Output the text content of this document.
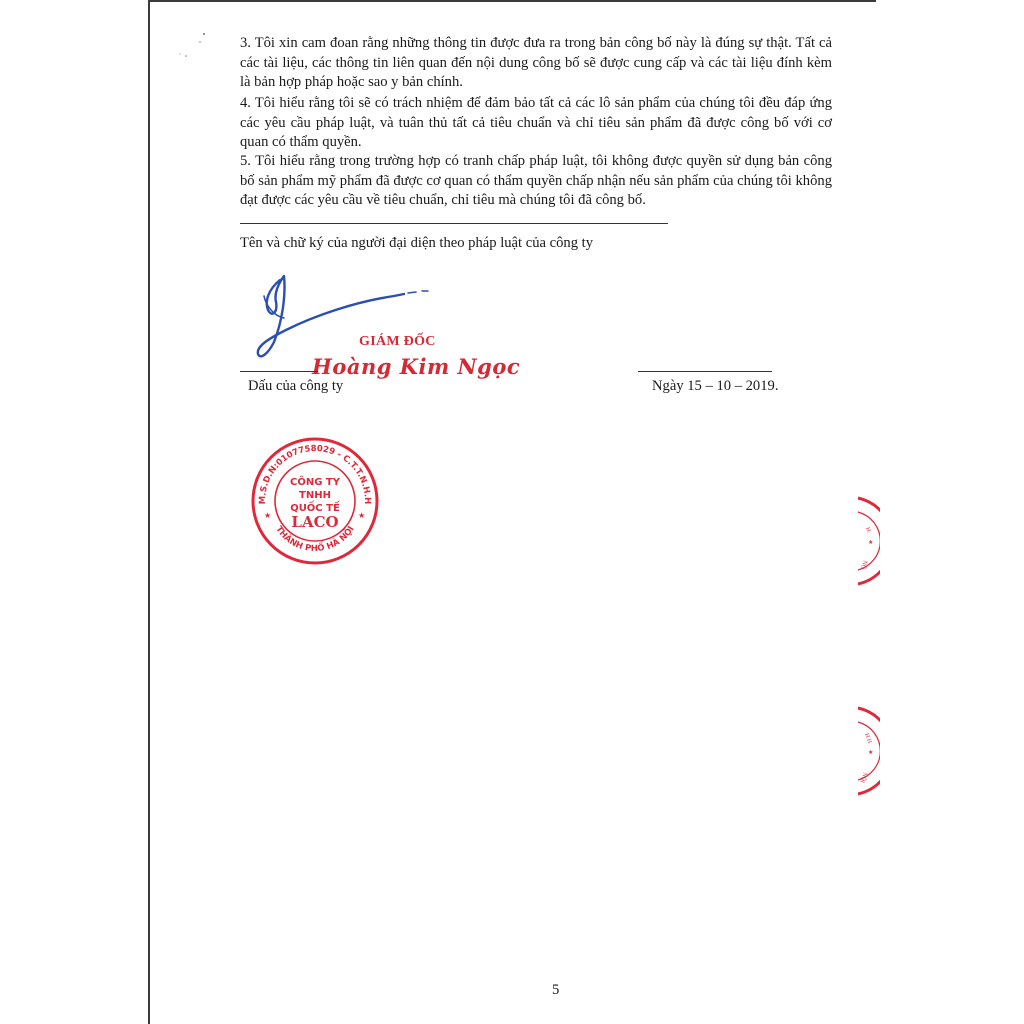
3. Tôi xin cam đoan rằng những thông tin được đưa ra trong bản công bố này là đúng sự thật. Tất cả các tài liệu, các thông tin liên quan đến nội dung công bố sẽ được cung cấp và các tài liệu đính kèm là bản hợp pháp hoặc sao y bản chính.

4. Tôi hiểu rằng tôi sẽ có trách nhiệm để đảm bảo tất cả các lô sản phẩm của chúng tôi đều đáp ứng các yêu cầu pháp luật, và tuân thủ tất cả tiêu chuẩn và chỉ tiêu sản phẩm đã được công bố với cơ quan có thẩm quyền.

5. Tôi hiểu rằng trong trường hợp có tranh chấp pháp luật, tôi không được quyền sử dụng bản công bố sản phẩm mỹ phẩm đã được cơ quan có thẩm quyền chấp nhận nếu sản phẩm của chúng tôi không đạt được các yêu cầu về tiêu chuẩn, chỉ tiêu mà chúng tôi đã công bố.

Tên và chữ ký của người đại diện theo pháp luật của công ty
GIÁM ĐỐC
Hoàng Kim Ngọc
Dấu của công ty	Ngày 15 – 10 – 2019.
M.S.D.N:0107758029 - C.T.T.N.H.H
THÀNH PHỐ HÀ NỘI
★	★
CÔNG TY
TNHH
QUỐC TẾ
LACO	H.
★
NỘ
H.H
★
NỘI
5
